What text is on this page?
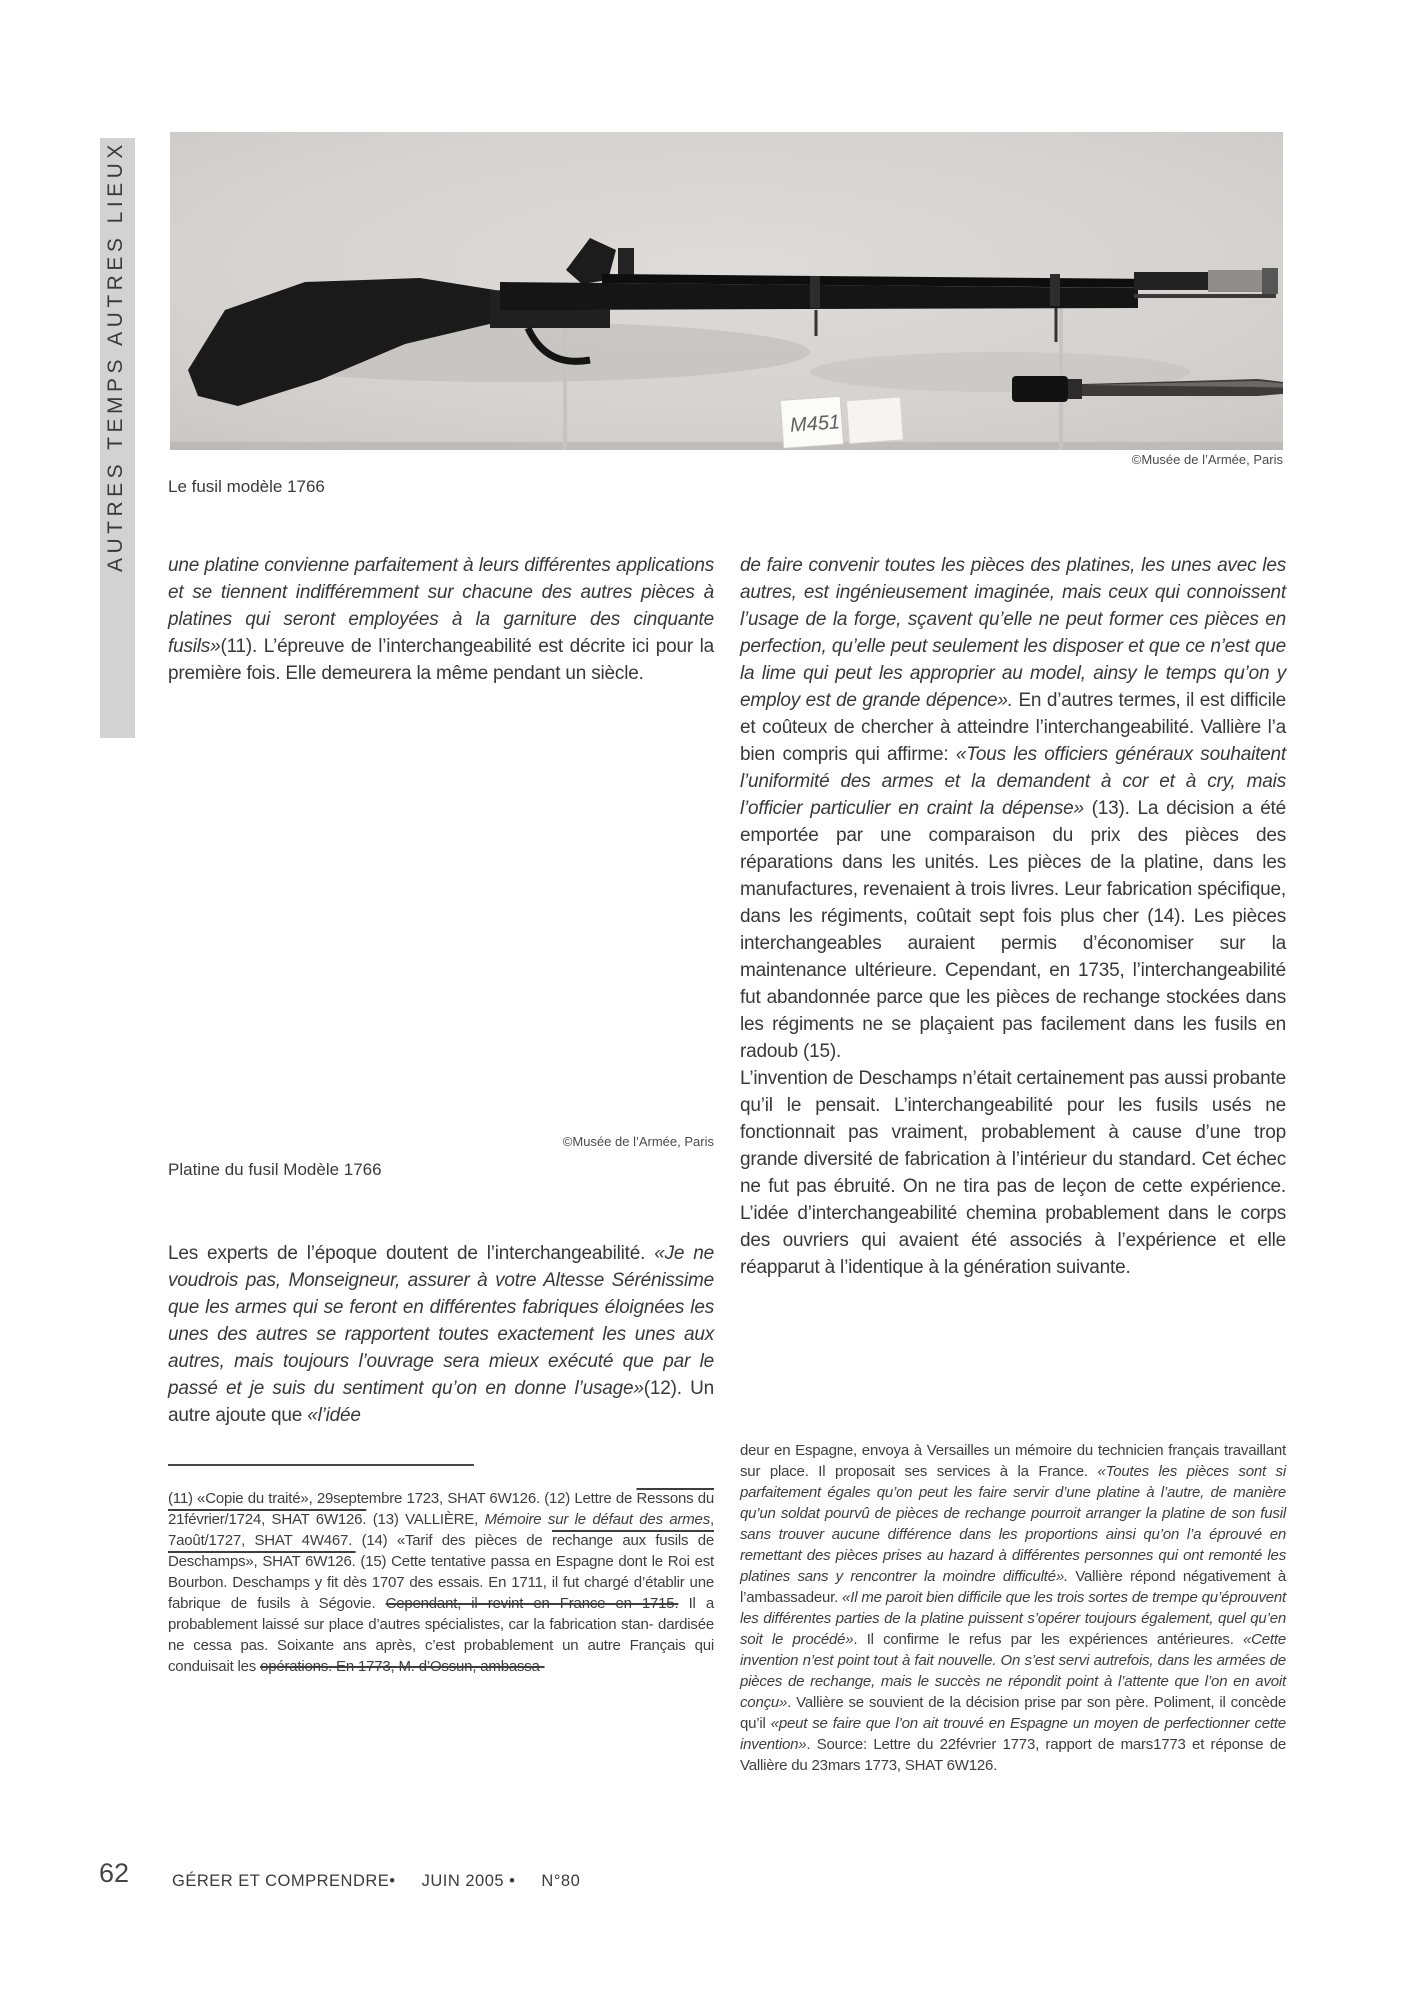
AUTRES TEMPS AUTRES LIEUX	M451
©Musée de l’Armée, Paris
Le fusil modèle 1766
une platine convienne parfaitement à leurs différentes applications et se tiennent indifféremment sur chacune des autres pièces à platines qui seront employées à la garniture des cinquante fusils»(11). L’épreuve de l’interchangeabilité est décrite ici pour la première fois. Elle demeurera la même pendant un siècle.
de faire convenir toutes les pièces des platines, les unes avec les autres, est ingénieusement imaginée, mais ceux qui connoissent l’usage de la forge, sçavent qu’elle ne peut former ces pièces en perfection, qu’elle peut seulement les disposer et que ce n’est que la lime qui peut les approprier au model, ainsy le temps qu’on y employ est de grande dépence». En d’autres termes, il est difficile et coûteux de chercher à atteindre l’interchangeabilité. Vallière l’a bien compris qui affirme: «Tous les officiers généraux souhaitent l’uniformité des armes et la demandent à cor et à cry, mais l’officier particulier en craint la dépense» (13). La décision a été emportée par une comparaison du prix des pièces des réparations dans les unités. Les pièces de la platine, dans les manufactures, revenaient à trois livres. Leur fabrication spécifique, dans les régiments, coûtait sept fois plus cher (14). Les pièces interchangeables auraient permis d’économiser sur la maintenance ultérieure. Cependant, en 1735, l’interchangeabilité fut abandonnée parce que les pièces de rechange stockées dans les régiments ne se plaçaient pas facilement dans les fusils en radoub (15).
L’invention de Deschamps n’était certainement pas aussi probante qu’il le pensait. L’interchangeabilité pour les fusils usés ne fonctionnait pas vraiment, probablement à cause d’une trop grande diversité de fabrication à l’intérieur du standard. Cet échec ne fut pas ébruité. On ne tira pas de leçon de cette expérience. L’idée d’interchangeabilité chemina probablement dans le corps des ouvriers qui avaient été associés à l’expérience et elle réapparut à l’identique à la génération suivante.
©Musée de l’Armée, Paris
Platine du fusil Modèle 1766
Les experts de l’époque doutent de l’interchangeabilité. «Je ne voudrois pas, Monseigneur, assurer à votre Altesse Sérénissime que les armes qui se feront en différentes fabriques éloignées les unes des autres se rapportent toutes exactement les unes aux autres, mais toujours l’ouvrage sera mieux exécuté que par le passé et je suis du sentiment qu’on en donne l’usage»(12). Un autre ajoute que «l’idée
(11) «Copie du traité», 29septembre 1723, SHAT 6W126. (12) Lettre de Ressons du 21février/1724, SHAT 6W126. (13) VALLIÈRE, Mémoire sur le défaut des armes, 7août/1727, SHAT 4W467. (14) «Tarif des pièces de rechange aux fusils de Deschamps», SHAT 6W126. (15) Cette tentative passa en Espagne dont le Roi est Bourbon. Deschamps y fit dès 1707 des essais. En 1711, il fut chargé d’établir une fabrique de fusils à Ségovie. Cependant, il revint en France en 1715. Il a probablement laissé sur place d’autres spécialistes, car la fabrication stan- dardisée ne cessa pas. Soixante ans après, c’est probablement un autre Français qui conduisait les opérations. En 1773, M. d’Ossun, ambassa-
deur en Espagne, envoya à Versailles un mémoire du technicien français travaillant sur place. Il proposait ses services à la France. «Toutes les pièces sont si parfaitement égales qu’on peut les faire servir d’une platine à l’autre, de manière qu’un soldat pourvû de pièces de rechange pourroit arranger la platine de son fusil sans trouver aucune différence dans les proportions ainsi qu’on l’a éprouvé en remettant des pièces prises au hazard à différentes personnes qui ont remonté les platines sans y rencontrer la moindre difficulté». Vallière répond négativement à l’ambassadeur. «Il me paroit bien difficile que les trois sortes de trempe qu’éprouvent les différentes parties de la platine puissent s’opérer toujours également, quel qu’en soit le procédé». Il confirme le refus par les expériences antérieures. «Cette invention n’est point tout à fait nouvelle. On s’est servi autrefois, dans les armées de pièces de rechange, mais le succès ne répondit point à l’attente que l’on en avoit conçu». Vallière se souvient de la décision prise par son père. Poliment, il concède qu’il «peut se faire que l’on ait trouvé en Espagne un moyen de perfectionner cette invention». Source: Lettre du 22février 1773, rapport de mars1773 et réponse de Vallière du 23mars 1773, SHAT 6W126.
62	GÉRER ET COMPRENDRE• JUIN 2005 • N°80
